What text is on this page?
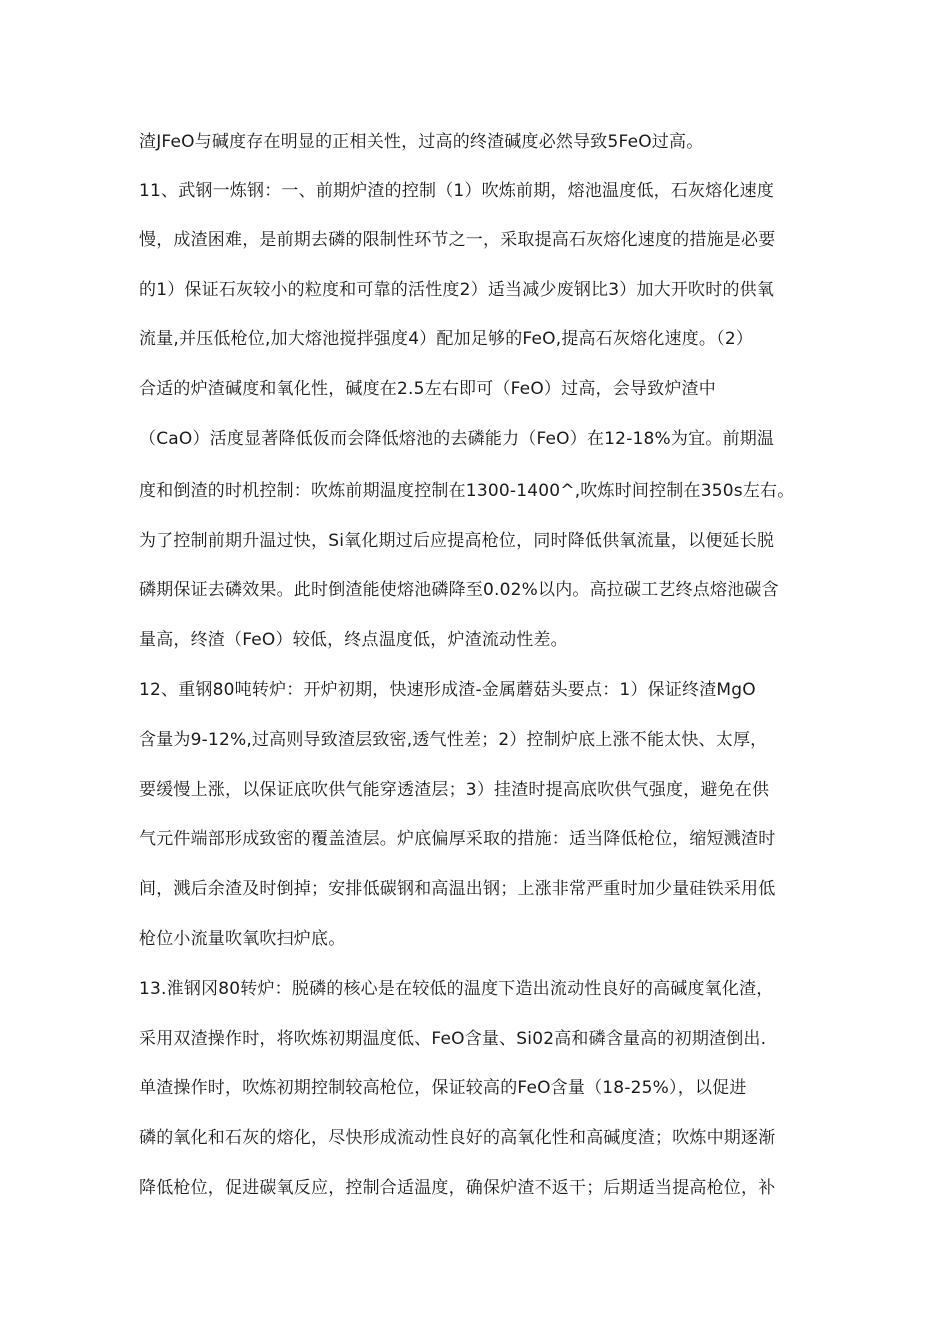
渣JFeO与碱度存在明显的正相关性，过高的终渣碱度必然导致5FeO过高。
11、武钢一炼钢：一、前期炉渣的控制（1）吹炼前期，熔池温度低，石灰熔化速度
慢，成渣困难，是前期去磷的限制性环节之一，采取提高石灰熔化速度的措施是必要
的1）保证石灰较小的粒度和可靠的活性度2）适当减少废钢比3）加大开吹时的供氧
流量,并压低枪位,加大熔池搅拌强度4）配加足够的FeO,提高石灰熔化速度。（2）
合适的炉渣碱度和氧化性，碱度在2.5左右即可（FeO）过高，会导致炉渣中
（CaO）活度显著降低仮而会降低熔池的去磷能力（FeO）在12-18%为宜。前期温
度和倒渣的时机控制：吹炼前期温度控制在1300-1400^,吹炼时间控制在350s左右。
为了控制前期升温过快，Si氧化期过后应提高枪位，同时降低供氧流量，以便延长脱
磷期保证去磷效果。此时倒渣能使熔池磷降至0.02%以内。高拉碳工艺终点熔池碳含
量高，终渣（FeO）较低，终点温度低，炉渣流动性差。
12、重钢80吨转炉：开炉初期，快速形成渣-金属蘑菇头要点：1）保证终渣MgO
含量为9-12%,过高则导致渣层致密,透气性差；2）控制炉底上涨不能太快、太厚，
要缓慢上涨，以保证底吹供气能穿透渣层；3）挂渣时提高底吹供气强度，避免在供
气元件端部形成致密的覆盖渣层。炉底偏厚采取的措施：适当降低枪位，缩短溅渣时
间，溅后余渣及时倒掉；安排低碳钢和高温出钢；上涨非常严重时加少量硅铁采用低
枪位小流量吹氧吹扫炉底。
13.淮钢冈80转炉：脱磷的核心是在较低的温度下造出流动性良好的高碱度氧化渣，
采用双渣操作时，将吹炼初期温度低、FeO含量、Si02高和磷含量高的初期渣倒出.
单渣操作时，吹炼初期控制较高枪位，保证较高的FeO含量（18-25%），以促进
磷的氧化和石灰的熔化，尽快形成流动性良好的高氧化性和高碱度渣；吹炼中期逐渐
降低枪位，促进碳氧反应，控制合适温度，确保炉渣不返干；后期适当提高枪位，补
